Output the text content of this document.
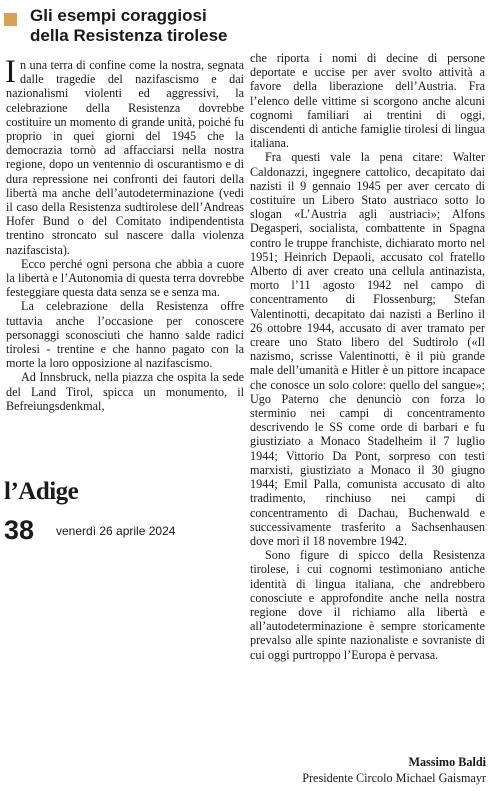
Gli esempi coraggiosi
della Resistenza tirolese

In una terra di confine come la nostra, segnata dalle tragedie del nazifascismo e dai nazionalismi violenti ed aggressivi, la celebrazione della Resistenza dovrebbe costituire un momento di grande unità, poiché fu proprio in quei giorni del 1945 che la democrazia tornò ad affacciarsi nella nostra regione, dopo un ventennio di oscurantismo e di dura repressione nei confronti dei fautori della libertà ma anche dell’autodeterminazione (vedi il caso della Resistenza sudtirolese dell’Andreas Hofer Bund o del Comitato indipendentista trentino stroncato sul nascere dalla violenza nazifascista).

Ecco perché ogni persona che abbia a cuore la libertà e l’Autonomia di questa terra dovrebbe festeggiare questa data senza se e senza ma.

La celebrazione della Resistenza offre tuttavia anche l’occasione per conoscere personaggi sconosciuti che hanno salde radici tirolesi - trentine e che hanno pagato con la morte la loro opposizione al nazifascismo.

Ad Innsbruck, nella piazza che ospita la sede del Land Tirol, spicca un monumento, il Befreiungsdenkmal,

che riporta i nomi di decine di persone deportate e uccise per aver svolto attività a favore della liberazione dell’Austria. Fra l’elenco delle vittime si scorgono anche alcuni cognomi familiari ai trentini di oggi, discendenti di antiche famiglie tirolesi di lingua italiana.

Fra questi vale la pena citare: Walter Caldonazzi, ingegnere cattolico, decapitato dai nazisti il 9 gennaio 1945 per aver cercato di costituire un Libero Stato austriaco sotto lo slogan «L’Austria agli austriaci»; Alfons Degasperi, socialista, combattente in Spagna contro le truppe franchiste, dichiarato morto nel 1951; Heinrich Depaoli, accusato col fratello Alberto di aver creato una cellula antinazista, morto l’11 agosto 1942 nel campo di concentramento di Flossenburg; Stefan Valentinotti, decapitato dai nazisti a Berlino il 26 ottobre 1944, accusato di aver tramato per creare uno Stato libero del Sudtirolo («Il nazismo, scrisse Valentinotti, è il più grande male dell’umanità e Hitler è un pittore incapace che conosce un solo colore: quello del sangue»; Ugo Paterno che denunciò con forza lo sterminio nei campi di concentramento descrivendo le SS come orde di barbari e fu giustiziato a Monaco Stadelheim il 7 luglio 1944; Vittorio Da Pont, sorpreso con testi marxisti, giustiziato a Monaco il 30 giugno 1944; Emil Palla, comunista accusato di alto tradimento, rinchiuso nei campi di concentramento di Dachau, Buchenwald e successivamente trasferito a Sachsenhausen dove morì il 18 novembre 1942.

Sono figure di spicco della Resistenza tirolese, i cui cognomi testimoniano antiche identità di lingua italiana, che andrebbero conosciute e approfondite anche nella nostra regione dove il richiamo alla libertà e all’autodeterminazione è sempre storicamente prevalso alle spinte nazionaliste e sovraniste di cui oggi purtroppo l’Europa è pervasa.

l’Adige
38 venerdì 26 aprile 2024
Massimo Baldi
Presidente Circolo Michael Gaismayr
